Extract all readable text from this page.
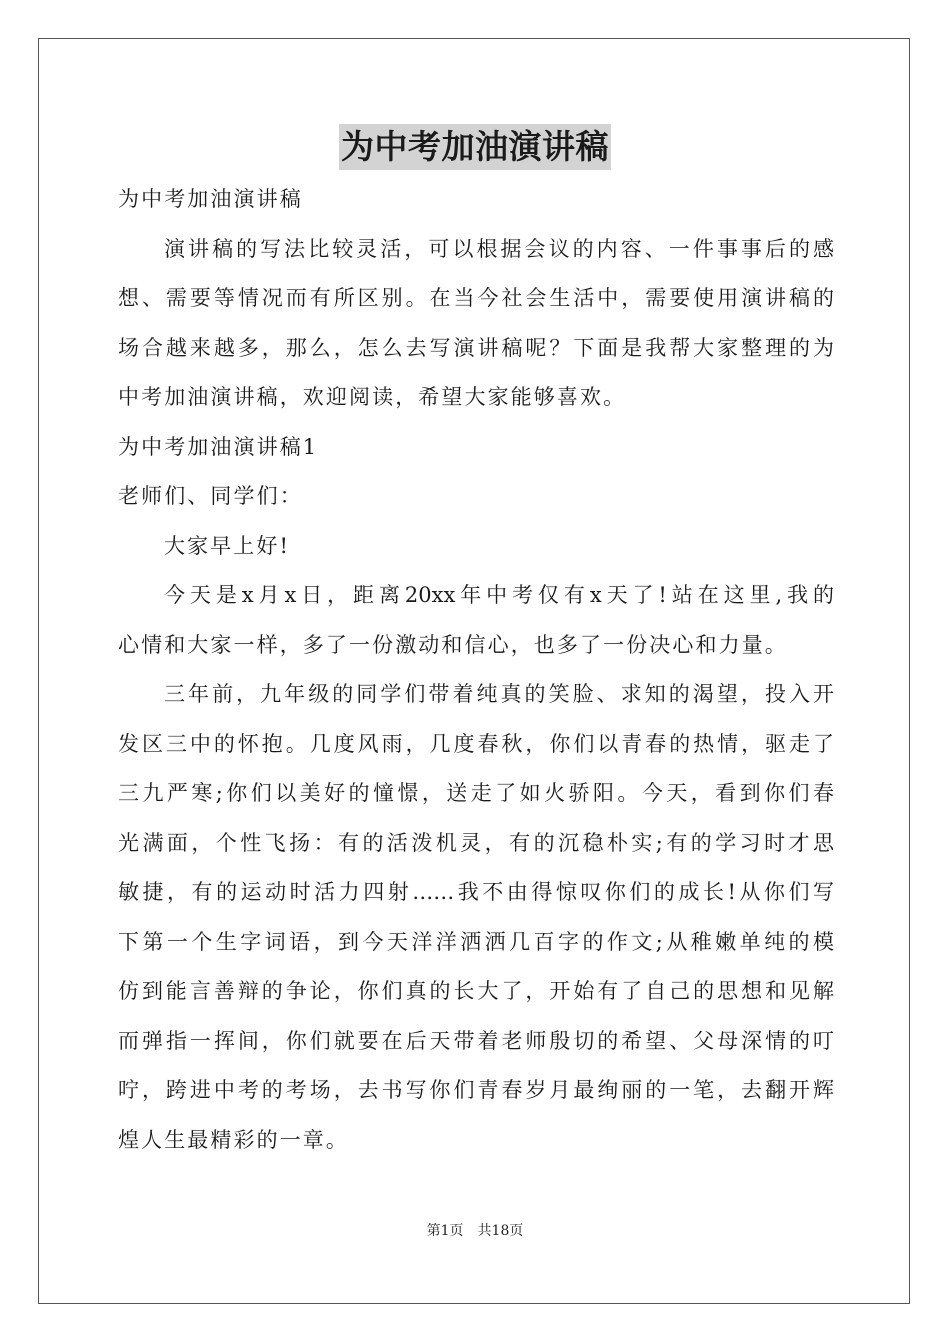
为中考加油演讲稿
为中考加油演讲稿
演讲稿的写法比较灵活，可以根据会议的内容、一件事事后的感
想、需要等情况而有所区别。在当今社会生活中，需要使用演讲稿的
场合越来越多，那么，怎么去写演讲稿呢？下面是我帮大家整理的为
中考加油演讲稿，欢迎阅读，希望大家能够喜欢。
为中考加油演讲稿1
老师们、同学们：
大家早上好!
今天是x月x日，距离20xx年中考仅有x天了!站在这里,我的
心情和大家一样，多了一份激动和信心，也多了一份决心和力量。
三年前，九年级的同学们带着纯真的笑脸、求知的渴望，投入开
发区三中的怀抱。几度风雨，几度春秋，你们以青春的热情，驱走了
三九严寒;你们以美好的憧憬，送走了如火骄阳。今天，看到你们春
光满面，个性飞扬：有的活泼机灵，有的沉稳朴实;有的学习时才思
敏捷，有的运动时活力四射……我不由得惊叹你们的成长!从你们写
下第一个生字词语，到今天洋洋洒洒几百字的作文;从稚嫩单纯的模
仿到能言善辩的争论，你们真的长大了，开始有了自己的思想和见解
而弹指一挥间，你们就要在后天带着老师殷切的希望、父母深情的叮
咛，跨进中考的考场，去书写你们青春岁月最绚丽的一笔，去翻开辉
煌人生最精彩的一章。
第1页　共18页
